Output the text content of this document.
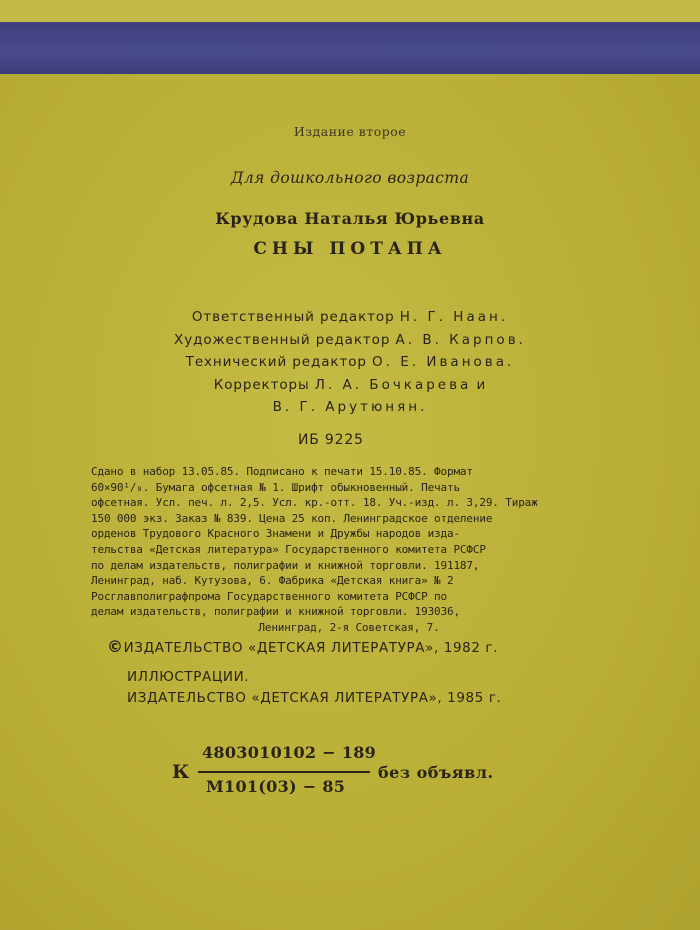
Издание второе
Для дошкольного возраста
Крудова Наталья Юрьевна
СНЫ ПОТАПА
Ответственный редактор Н. Г. Наан.
Художественный редактор А. В. Карпов.
Технический редактор О. Е. Иванова.
Корректоры Л. А. Бочкарева и
В. Г. Арутюнян.
ИБ 9225
Сдано в набор 13.05.85. Подписано к печати 15.10.85. Формат
60×90¹/₈. Бумага офсетная № 1. Шрифт обыкновенный. Печать
офсетная. Усл. печ. л. 2,5. Усл. кр.-отт. 18. Уч.-изд. л. 3,29. Тираж
150 000 экз. Заказ № 839. Цена 25 коп. Ленинградское отделение
орденов Трудового Красного Знамени и Дружбы народов изда-
тельства «Детская литература» Государственного комитета РСФСР
по делам издательств, полиграфии и книжной торговли. 191187,
Ленинград, наб. Кутузова, 6. Фабрика «Детская книга» № 2
Росглавполиграфпрома Государственного комитета РСФСР по
делам издательств, полиграфии и книжной торговли. 193036,
Ленинград, 2-я Советская, 7.
©ИЗДАТЕЛЬСТВО «ДЕТСКАЯ ЛИТЕРАТУРА», 1982 г.
ИЛЛЮСТРАЦИИ.
ИЗДАТЕЛЬСТВО «ДЕТСКАЯ ЛИТЕРАТУРА», 1985 г.
К
4803010102 − 189
М101(03) − 85
без объявл.
